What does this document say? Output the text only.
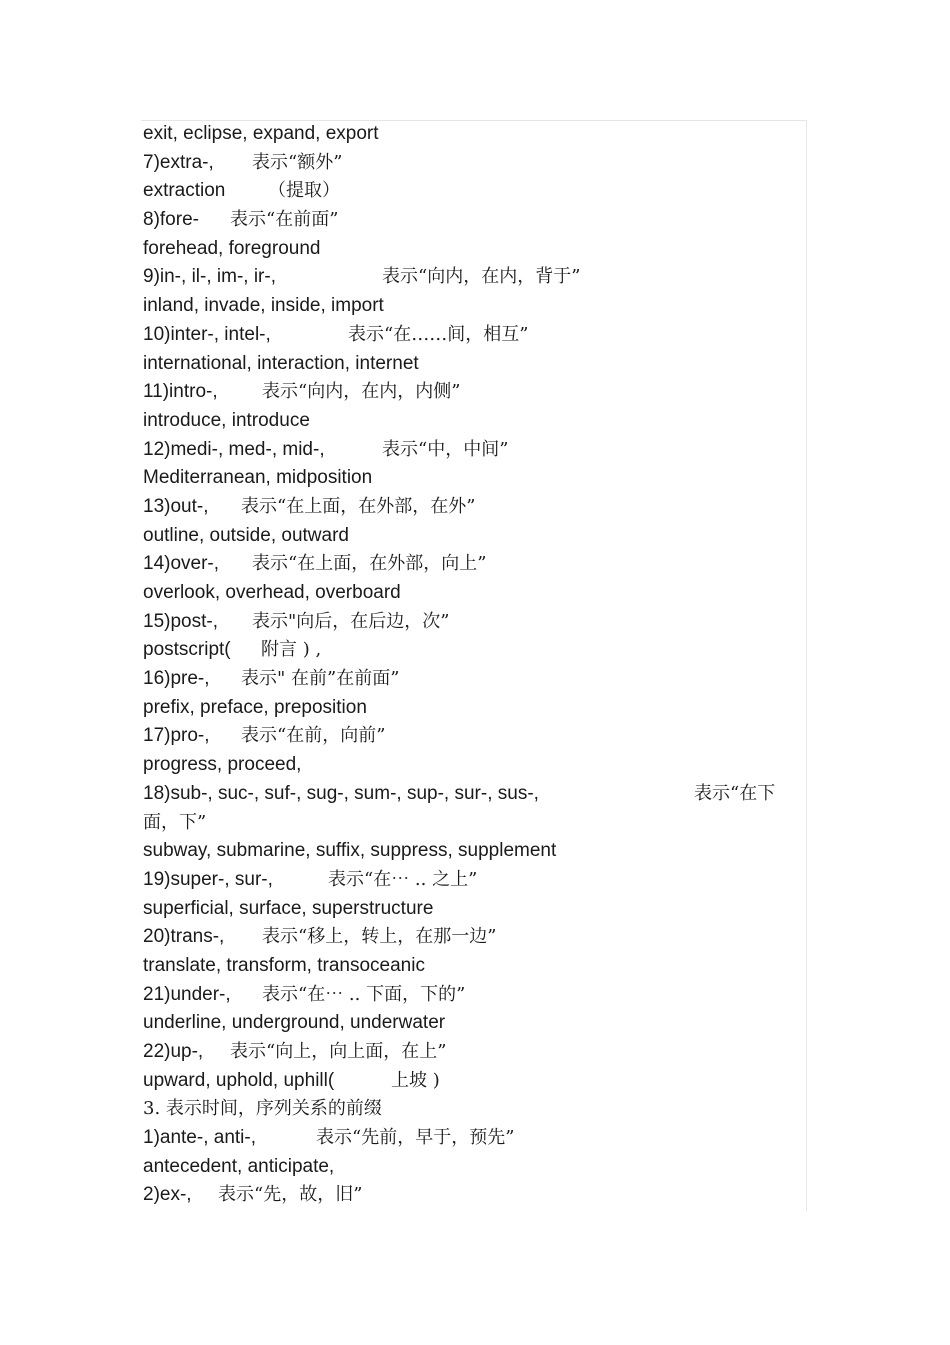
exit, eclipse, expand, export
7)extra-, 表示“额外”
extraction （提取）
8)fore- 表示“在前面”
forehead, foreground
9)in-, il-, im-, ir-,	表示“向内，在内，背于”
inland, invade, inside, import
10)inter-, intel-,	表示“在……间，相互”
international, interaction, internet
11)intro-, 表示“向内，在内，内侧”
introduce, introduce
12)medi-, med-, mid-,	表示“中，中间”
Mediterranean, midposition
13)out-, 表示“在上面，在外部，在外”
outline, outside, outward
14)over-, 表示“在上面，在外部，向上”
overlook, overhead, overboard
15)post-, 表示"向后，在后边，次”
postscript( 附言 ) ,
16)pre-, 表示" 在前”在前面”
prefix, preface, preposition
17)pro-, 表示“在前，向前”
progress, proceed,
18)sub-, suc-, suf-, sug-, sum-, sup-, sur-, sus-,	表示“在下
面，下”
subway, submarine, suffix, suppress, supplement
19)super-, sur-,	表示“在⋯ .. 之上”
superficial, surface, superstructure
20)trans-, 表示“移上，转上，在那一边”
translate, transform, transoceanic
21)under-, 表示“在⋯ .. 下面，下的”
underline, underground, underwater
22)up-, 表示“向上，向上面，在上”
upward, uphold, uphill(	上坡 )
3. 表示时间，序列关系的前缀
1)ante-, anti-,	表示“先前，早于，预先”
antecedent, anticipate,
2)ex-, 表示“先，故，旧”
